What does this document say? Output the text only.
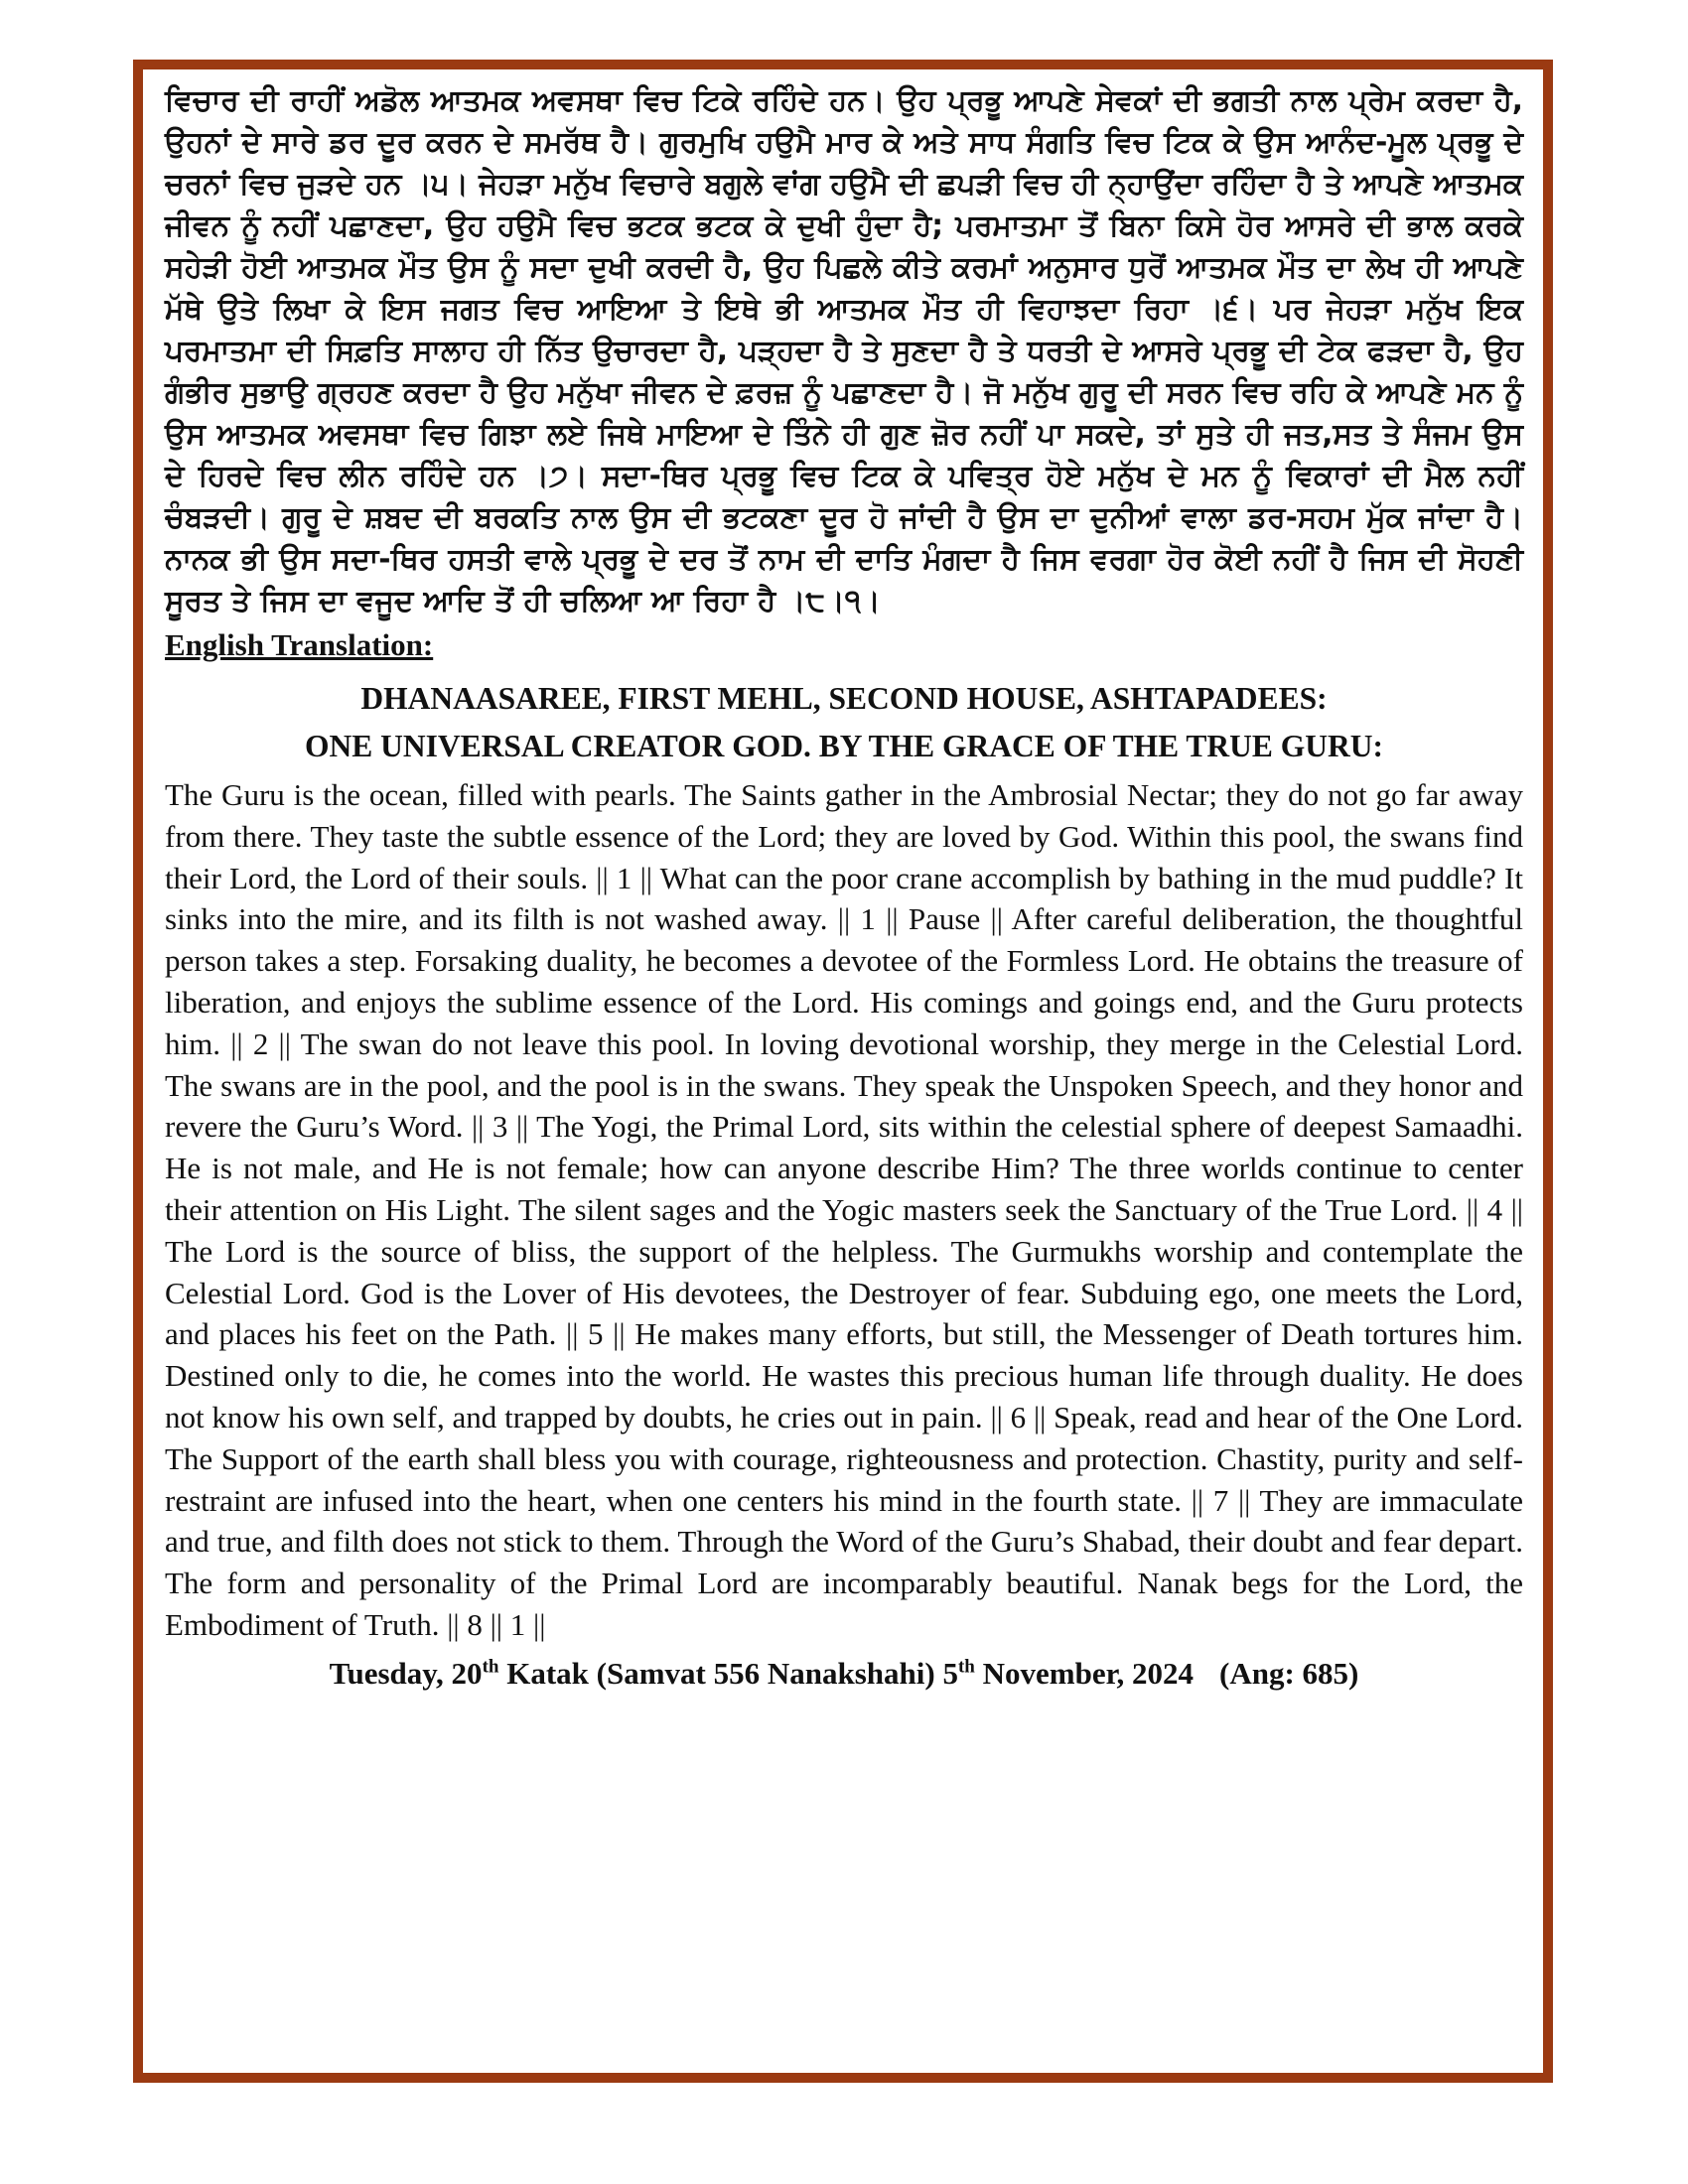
ਵਿਚਾਰ ਦੀ ਰਾਹੀਂ ਅਡੋਲ ਆਤਮਕ ਅਵਸਥਾ ਵਿਚ ਟਿਕੇ ਰਹਿੰਦੇ ਹਨ। ਉਹ ਪ੍ਰਭੂ ਆਪਣੇ ਸੇਵਕਾਂ ਦੀ ਭਗਤੀ ਨਾਲ ਪ੍ਰੇਮ ਕਰਦਾ ਹੈ, ਉਹਨਾਂ ਦੇ ਸਾਰੇ ਡਰ ਦੂਰ ਕਰਨ ਦੇ ਸਮਰੱਥ ਹੈ। ਗੁਰਮੁਖਿ ਹਉਮੈ ਮਾਰ ਕੇ ਅਤੇ ਸਾਧ ਸੰਗਤਿ ਵਿਚ ਟਿਕ ਕੇ ਉਸ ਆਨੰਦ-ਮੂਲ ਪ੍ਰਭੂ ਦੇ ਚਰਨਾਂ ਵਿਚ ਜੁੜਦੇ ਹਨ ।੫। ਜੇਹੜਾ ਮਨੁੱਖ ਵਿਚਾਰੇ ਬਗੁਲੇ ਵਾਂਗ ਹਉਮੈ ਦੀ ਛਪੜੀ ਵਿਚ ਹੀ ਨ੍ਹਾਉਂਦਾ ਰਹਿੰਦਾ ਹੈ ਤੇ ਆਪਣੇ ਆਤਮਕ ਜੀਵਨ ਨੂੰ ਨਹੀਂ ਪਛਾਣਦਾ, ਉਹ ਹਉਮੈ ਵਿਚ ਭਟਕ ਭਟਕ ਕੇ ਦੁਖੀ ਹੁੰਦਾ ਹੈ; ਪਰਮਾਤਮਾ ਤੋਂ ਬਿਨਾ ਕਿਸੇ ਹੋਰ ਆਸਰੇ ਦੀ ਭਾਲ ਕਰਕੇ ਸਹੇੜੀ ਹੋਈ ਆਤਮਕ ਮੌਤ ਉਸ ਨੂੰ ਸਦਾ ਦੁਖੀ ਕਰਦੀ ਹੈ, ਉਹ ਪਿਛਲੇ ਕੀਤੇ ਕਰਮਾਂ ਅਨੁਸਾਰ ਧੁਰੋਂ ਆਤਮਕ ਮੌਤ ਦਾ ਲੇਖ ਹੀ ਆਪਣੇ ਮੱਥੇ ਉਤੇ ਲਿਖਾ ਕੇ ਇਸ ਜਗਤ ਵਿਚ ਆਇਆ ਤੇ ਇਥੇ ਭੀ ਆਤਮਕ ਮੌਤ ਹੀ ਵਿਹਾਝਦਾ ਰਿਹਾ ।੬। ਪਰ ਜੇਹੜਾ ਮਨੁੱਖ ਇਕ ਪਰਮਾਤਮਾ ਦੀ ਸਿਫ਼ਤਿ ਸਾਲਾਹ ਹੀ ਨਿੱਤ ਉਚਾਰਦਾ ਹੈ, ਪੜ੍ਹਦਾ ਹੈ ਤੇ ਸੁਣਦਾ ਹੈ ਤੇ ਧਰਤੀ ਦੇ ਆਸਰੇ ਪ੍ਰਭੂ ਦੀ ਟੇਕ ਫੜਦਾ ਹੈ, ਉਹ ਗੰਭੀਰ ਸੁਭਾਉ ਗ੍ਰਹਣ ਕਰਦਾ ਹੈ ਉਹ ਮਨੁੱਖਾ ਜੀਵਨ ਦੇ ਫ਼ਰਜ਼ ਨੂੰ ਪਛਾਣਦਾ ਹੈ। ਜੋ ਮਨੁੱਖ ਗੁਰੂ ਦੀ ਸਰਨ ਵਿਚ ਰਹਿ ਕੇ ਆਪਣੇ ਮਨ ਨੂੰ ਉਸ ਆਤਮਕ ਅਵਸਥਾ ਵਿਚ ਗਿਝਾ ਲਏ ਜਿਥੇ ਮਾਇਆ ਦੇ ਤਿੰਨੇ ਹੀ ਗੁਣ ਜ਼ੋਰ ਨਹੀਂ ਪਾ ਸਕਦੇ, ਤਾਂ ਸੁਤੇ ਹੀ ਜਤ,ਸਤ ਤੇ ਸੰਜਮ ਉਸ ਦੇ ਹਿਰਦੇ ਵਿਚ ਲੀਨ ਰਹਿੰਦੇ ਹਨ ।੭। ਸਦਾ-ਥਿਰ ਪ੍ਰਭੂ ਵਿਚ ਟਿਕ ਕੇ ਪਵਿਤ੍ਰ ਹੋਏ ਮਨੁੱਖ ਦੇ ਮਨ ਨੂੰ ਵਿਕਾਰਾਂ ਦੀ ਮੈਲ ਨਹੀਂ ਚੰਬੜਦੀ। ਗੁਰੂ ਦੇ ਸ਼ਬਦ ਦੀ ਬਰਕਤਿ ਨਾਲ ਉਸ ਦੀ ਭਟਕਣਾ ਦੂਰ ਹੋ ਜਾਂਦੀ ਹੈ ਉਸ ਦਾ ਦੁਨੀਆਂ ਵਾਲਾ ਡਰ-ਸਹਮ ਮੁੱਕ ਜਾਂਦਾ ਹੈ। ਨਾਨਕ ਭੀ ਉਸ ਸਦਾ-ਥਿਰ ਹਸਤੀ ਵਾਲੇ ਪ੍ਰਭੂ ਦੇ ਦਰ ਤੋਂ ਨਾਮ ਦੀ ਦਾਤਿ ਮੰਗਦਾ ਹੈ ਜਿਸ ਵਰਗਾ ਹੋਰ ਕੋਈ ਨਹੀਂ ਹੈ ਜਿਸ ਦੀ ਸੋਹਣੀ ਸੂਰਤ ਤੇ ਜਿਸ ਦਾ ਵਜੂਦ ਆਦਿ ਤੋਂ ਹੀ ਚਲਿਆ ਆ ਰਿਹਾ ਹੈ ।੮।੧।

English Translation:

DHANAASAREE, FIRST MEHL, SECOND HOUSE, ASHTAPADEES:

ONE UNIVERSAL CREATOR GOD. BY THE GRACE OF THE TRUE GURU:

The Guru is the ocean, filled with pearls. The Saints gather in the Ambrosial Nectar; they do not go far away from there. They taste the subtle essence of the Lord; they are loved by God. Within this pool, the swans find their Lord, the Lord of their souls. || 1 || What can the poor crane accomplish by bathing in the mud puddle? It sinks into the mire, and its filth is not washed away. || 1 || Pause || After careful deliberation, the thoughtful person takes a step. Forsaking duality, he becomes a devotee of the Formless Lord. He obtains the treasure of liberation, and enjoys the sublime essence of the Lord. His comings and goings end, and the Guru protects him. || 2 || The swan do not leave this pool. In loving devotional worship, they merge in the Celestial Lord. The swans are in the pool, and the pool is in the swans. They speak the Unspoken Speech, and they honor and revere the Guru’s Word. || 3 || The Yogi, the Primal Lord, sits within the celestial sphere of deepest Samaadhi. He is not male, and He is not female; how can anyone describe Him? The three worlds continue to center their attention on His Light. The silent sages and the Yogic masters seek the Sanctuary of the True Lord. || 4 || The Lord is the source of bliss, the support of the helpless. The Gurmukhs worship and contemplate the Celestial Lord. God is the Lover of His devotees, the Destroyer of fear. Subduing ego, one meets the Lord, and places his feet on the Path. || 5 || He makes many efforts, but still, the Messenger of Death tortures him. Destined only to die, he comes into the world. He wastes this precious human life through duality. He does not know his own self, and trapped by doubts, he cries out in pain. || 6 || Speak, read and hear of the One Lord. The Support of the earth shall bless you with courage, righteousness and protection. Chastity, purity and self-restraint are infused into the heart, when one centers his mind in the fourth state. || 7 || They are immaculate and true, and filth does not stick to them. Through the Word of the Guru’s Shabad, their doubt and fear depart. The form and personality of the Primal Lord are incomparably beautiful. Nanak begs for the Lord, the Embodiment of Truth. || 8 || 1 ||

Tuesday, 20th Katak (Samvat 556 Nanakshahi) 5th November, 2024 (Ang: 685)
